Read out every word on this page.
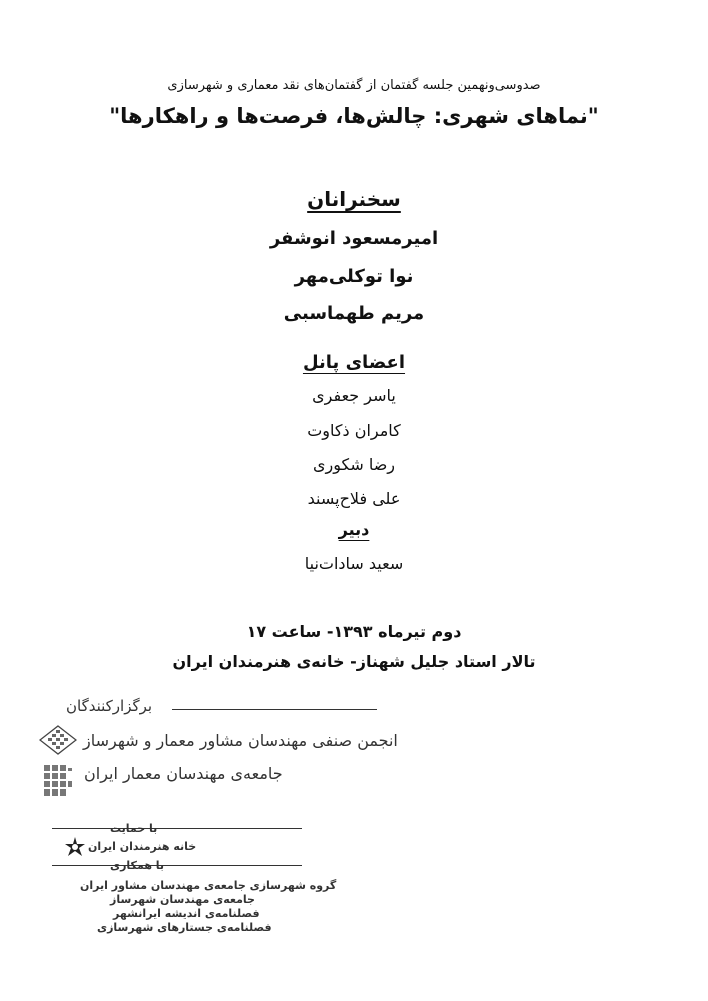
صدوسی‌ونهمین جلسه گفتمان از گفتمان‌های نقد معماری و شهرسازی
"نماهای شهری: چالش‌ها، فرصت‌ها و راهکارها"
سخنرانان
امیرمسعود انوشفر
نوا توکلی‌مهر
مریم طهماسبی
اعضای پانل
یاسر جعفری
کامران ذکاوت
رضا شکوری
علی فلاح‌پسند
دبیر
سعید سادات‌نیا
دوم تیرماه ۱۳۹۳- ساعت ۱۷
تالار استاد جلیل شهناز- خانه‌ی هنرمندان ایران
برگزارکنندگان
انجمن صنفی مهندسان مشاور معمار و شهرساز
جامعه‌ی مهندسان معمار ایران
با حمایت
خانه هنرمندان ایران
با همکاری
گروه شهرسازی جامعه‌ی مهندسان مشاور ایران
جامعه‌ی مهندسان شهرساز
فصلنامه‌ی اندیشه ایرانشهر
فصلنامه‌ی جستارهای شهرسازی
